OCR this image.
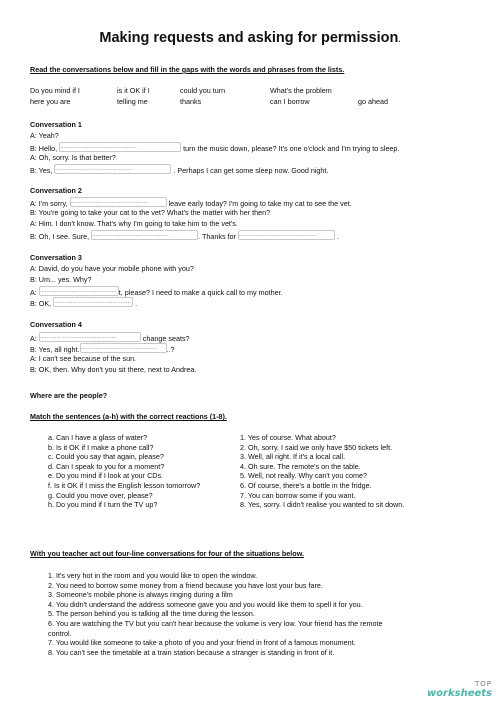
Making requests and asking for permission.
Read the conversations below and fill in the gaps with the words and phrases from the lists.
Do you mind if I	is it OK if I	could you turn	What's the problem
here you are	telling me	thanks	can I borrow	go ahead
Conversation 1
A: Yeah?
B: Hello, ..............................................	turn the music down, please? It's one o'clock and I'm trying to sleep.
A: Oh, sorry. Is that better?
B: Yes, ..............................................	. Perhaps I can get some sleep now. Good night.
Conversation 2
A: I'm sorry, ..............................................	leave early today? I'm going to take my cat to see the vet.
B: You're going to take your cat to the vet? What's the matter with her then?
A: Him. I don't know. That's why I'm going to take him to the vet's.
B: Oh, I see. Sure, ..............................................	. Thanks for ..............................................	.
Conversation 3
A: David, do you have your mobile phone with you?
B: Um... yes. Why?
A: .............................................. t, please? I need to make a quick call to my mother.
B: OK, .............................................. .
Conversation 4
A: ..............................................	change seats?
B: Yes, all right............................................... ..?
A: I can't see because of the sun.
B: OK, then. Why don't you sit there, next to Andrea.
Where are the people?
Match the sentences (a-h) with the correct reactions (1-8).
a. Can I have a glass of water?
b. Is it OK if I make a phone call?
c. Could you say that again, please?
d. Can I speak to you for a moment?
e. Do you mind if I look at your CDs.
f. Is it OK if I miss the English lesson tomorrow?
g. Could you move over, please?
h. Do you mind if I turn the TV up?
1. Yes of course. What about?
2. Oh, sorry, I said we only have $50 tickets left.
3. Well, all right. If it's a local call.
4. Oh sure. The remote's on the table.
5. Well, not really. Why can't you come?
6. Of course, there's a bottle in the fridge.
7. You can borrow some if you want.
8. Yes, sorry. I didn't realise you wanted to sit down.
With you teacher act out four-line conversations for four of the situations below.
1. It's very hot in the room and you would like to open the window.
2. You need to borrow some money from a friend because you have lost your bus fare.
3. Someone's mobile phone is always ringing during a film
4. You didn't understand the address someone gave you and you would like them to spell it for you.
5. The person behind you is talking all the time during the lesson.
6. You are watching the TV but you can't hear because the volume is very low. Your friend has the remote
control.
7. You would like someone to take a photo of you and your friend in front of a famous monument.
8. You can't see the timetable at a train station because a stranger is standing in front of it.
TOP
worksheets
